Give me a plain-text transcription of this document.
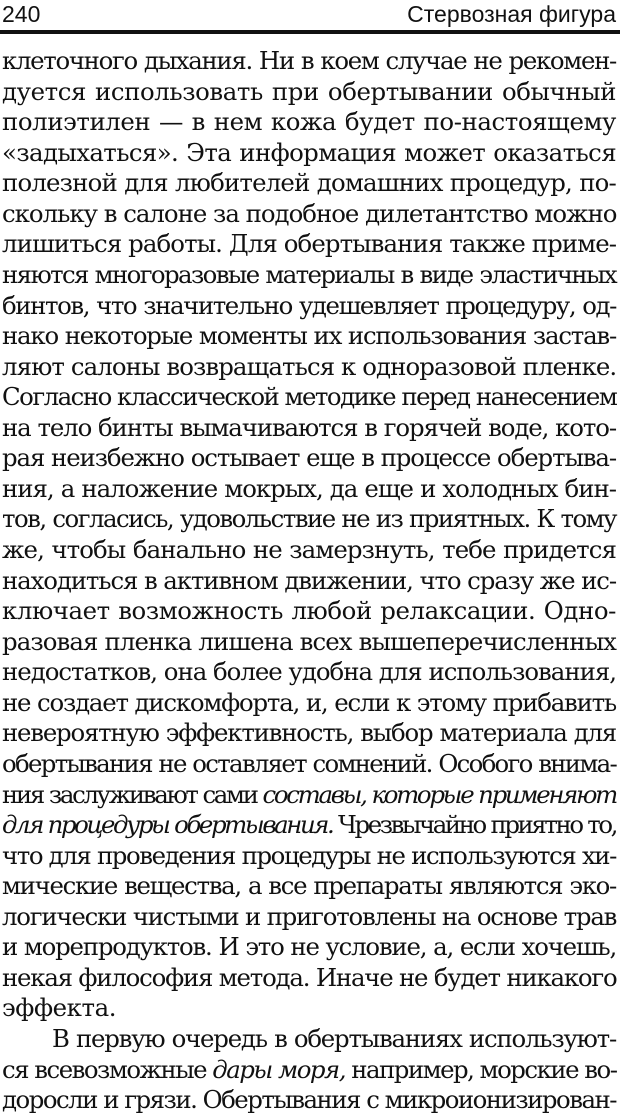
240	Стервозная фигура
клеточного дыхания. Ни в коем случае не рекомен-
дуется использовать при обертывании обычный
полиэтилен — в нем кожа будет по-настоящему
«задыхаться». Эта информация может оказаться
полезной для любителей домашних процедур, по-
скольку в салоне за подобное дилетантство можно
лишиться работы. Для обертывания также приме-
няются многоразовые материалы в виде эластичных
бинтов, что значительно удешевляет процедуру, од-
нако некоторые моменты их использования застав-
ляют салоны возвращаться к одноразовой пленке.
Согласно классической методике перед нанесением
на тело бинты вымачиваются в горячей воде, кото-
рая неизбежно остывает еще в процессе обертыва-
ния, а наложение мокрых, да еще и холодных бин-
тов, согласись, удовольствие не из приятных. К тому
же, чтобы банально не замерзнуть, тебе придется
находиться в активном движении, что сразу же ис-
ключает возможность любой релаксации. Одно-
разовая пленка лишена всех вышеперечисленных
недостатков, она более удобна для использования,
не создает дискомфорта, и, если к этому прибавить
невероятную эффективность, выбор материала для
обертывания не оставляет сомнений. Особого внима-
ния заслуживают сами составы, которые применяют
для процедуры обертывания. Чрезвычайно приятно то,
что для проведения процедуры не используются хи-
мические вещества, а все препараты являются эко-
логически чистыми и приготовлены на основе трав
и морепродуктов. И это не условие, а, если хочешь,
некая философия метода. Иначе не будет никакого
эффекта.
В первую очередь в обертываниях используют-
ся всевозможные дары моря, например, морские во-
доросли и грязи. Обертывания с микроионизирован-
